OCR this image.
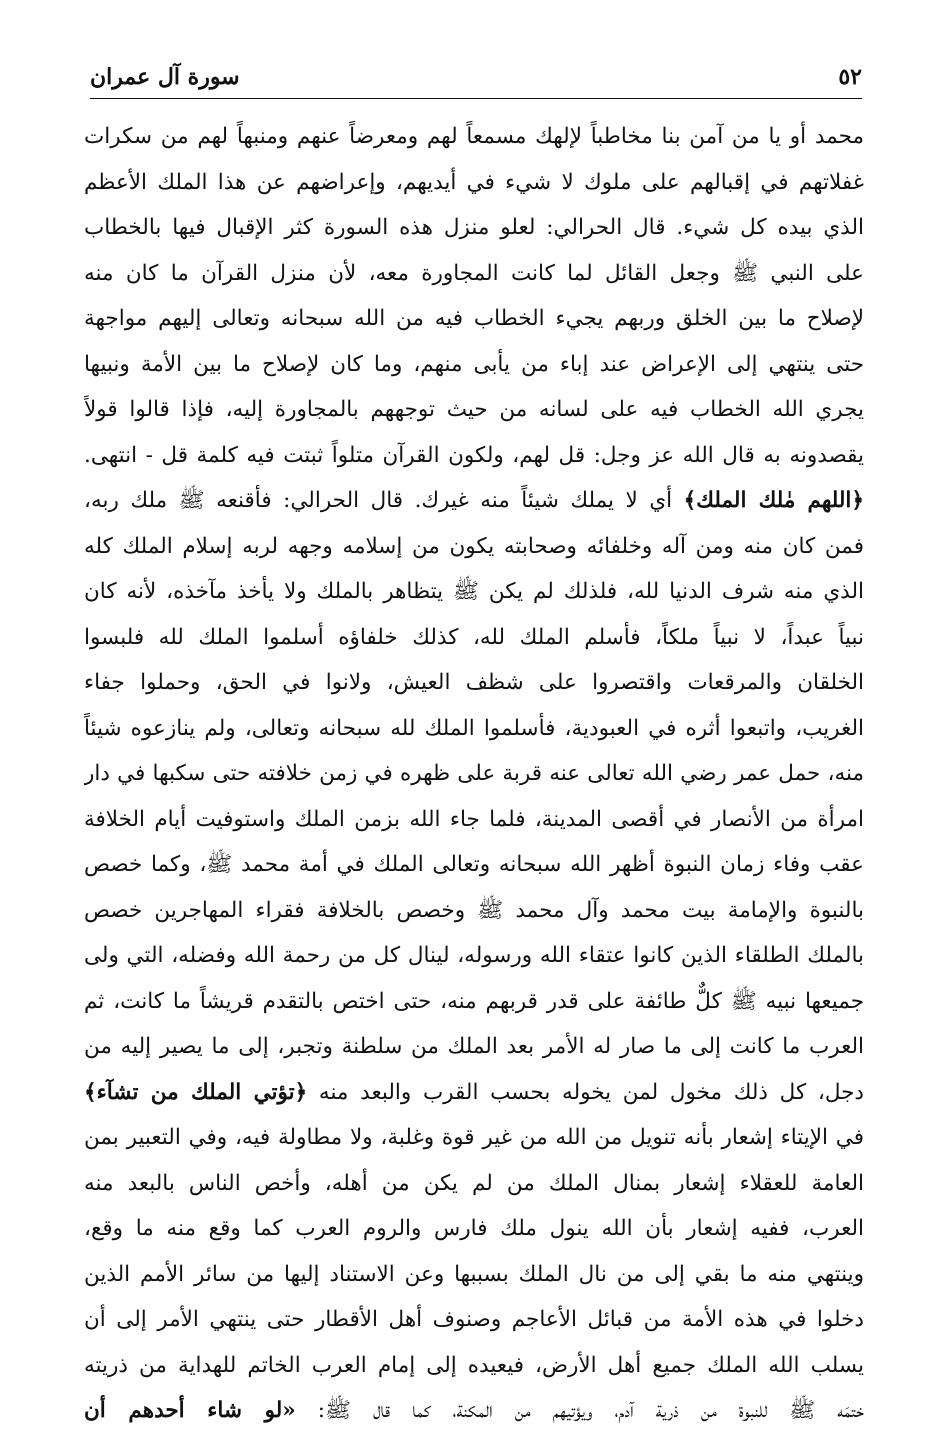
٥٢
سورة آل عمران
محمد أو يا من آمن بنا مخاطباً لإلهك مسمعاً لهم ومعرضاً عنهم ومنبهاً لهم من سكرات
غفلاتهم في إقبالهم على ملوك لا شيء في أيديهم، وإعراضهم عن هذا الملك الأعظم
الذي بيده كل شيء. قال الحرالي: لعلو منزل هذه السورة كثر الإقبال فيها بالخطاب
على النبي ﷺ وجعل القائل لما كانت المجاورة معه، لأن منزل القرآن ما كان منه
لإصلاح ما بين الخلق وربهم يجيء الخطاب فيه من الله سبحانه وتعالى إليهم مواجهة
حتى ينتهي إلى الإعراض عند إباء من يأبى منهم، وما كان لإصلاح ما بين الأمة ونبيها
يجري الله الخطاب فيه على لسانه من حيث توجههم بالمجاورة إليه، فإذا قالوا قولاً
يقصدونه به قال الله عز وجل: قل لهم، ولكون القرآن متلواً ثبتت فيه كلمة قل - انتهى.
﴿اللهم مٰلك الملك﴾ أي لا يملك شيئاً منه غيرك. قال الحرالي: فأقنعه ﷺ ملك ربه،
فمن كان منه ومن آله وخلفائه وصحابته يكون من إسلامه وجهه لربه إسلام الملك كله
الذي منه شرف الدنيا لله، فلذلك لم يكن ﷺ يتظاهر بالملك ولا يأخذ مآخذه، لأنه كان
نبياً عبداً، لا نبياً ملكاً، فأسلم الملك لله، كذلك خلفاؤه أسلموا الملك لله فلبسوا
الخلقان والمرقعات واقتصروا على شظف العيش، ولانوا في الحق، وحملوا جفاء
الغريب، واتبعوا أثره في العبودية، فأسلموا الملك لله سبحانه وتعالى، ولم ينازعوه شيئاً
منه، حمل عمر رضي الله تعالى عنه قربة على ظهره في زمن خلافته حتى سكبها في دار
امرأة من الأنصار في أقصى المدينة، فلما جاء الله بزمن الملك واستوفيت أيام الخلافة
عقب وفاء زمان النبوة أظهر الله سبحانه وتعالى الملك في أمة محمد ﷺ، وكما خصص
بالنبوة والإمامة بيت محمد وآل محمد ﷺ وخصص بالخلافة فقراء المهاجرين خصص
بالملك الطلقاء الذين كانوا عتقاء الله ورسوله، لينال كل من رحمة الله وفضله، التي ولى
جميعها نبيه ﷺ كلٌّ طائفة على قدر قربهم منه، حتى اختص بالتقدم قريشاً ما كانت، ثم
العرب ما كانت إلى ما صار له الأمر بعد الملك من سلطنة وتجبر، إلى ما يصير إليه من
دجل، كل ذلك مخول لمن يخوله بحسب القرب والبعد منه ﴿تؤتي الملك من تشآء﴾
في الإيتاء إشعار بأنه تنويل من الله من غير قوة وغلبة، ولا مطاولة فيه، وفي التعبير بمن
العامة للعقلاء إشعار بمنال الملك من لم يكن من أهله، وأخص الناس بالبعد منه
العرب، ففيه إشعار بأن الله ينول ملك فارس والروم العرب كما وقع منه ما وقع،
وينتهي منه ما بقي إلى من نال الملك بسببها وعن الاستناد إليها من سائر الأمم الذين
دخلوا في هذه الأمة من قبائل الأعاجم وصنوف أهل الأقطار حتى ينتهي الأمر إلى أن
يسلب الله الملك جميع أهل الأرض، فيعيده إلى إمام العرب الخاتم للهداية من ذريته
ختمَه ﷺ للنبوة من ذرية آدم، ويؤتيهم من المكنة، كما قال ﷺ: «لو شاء أحدهم أن
